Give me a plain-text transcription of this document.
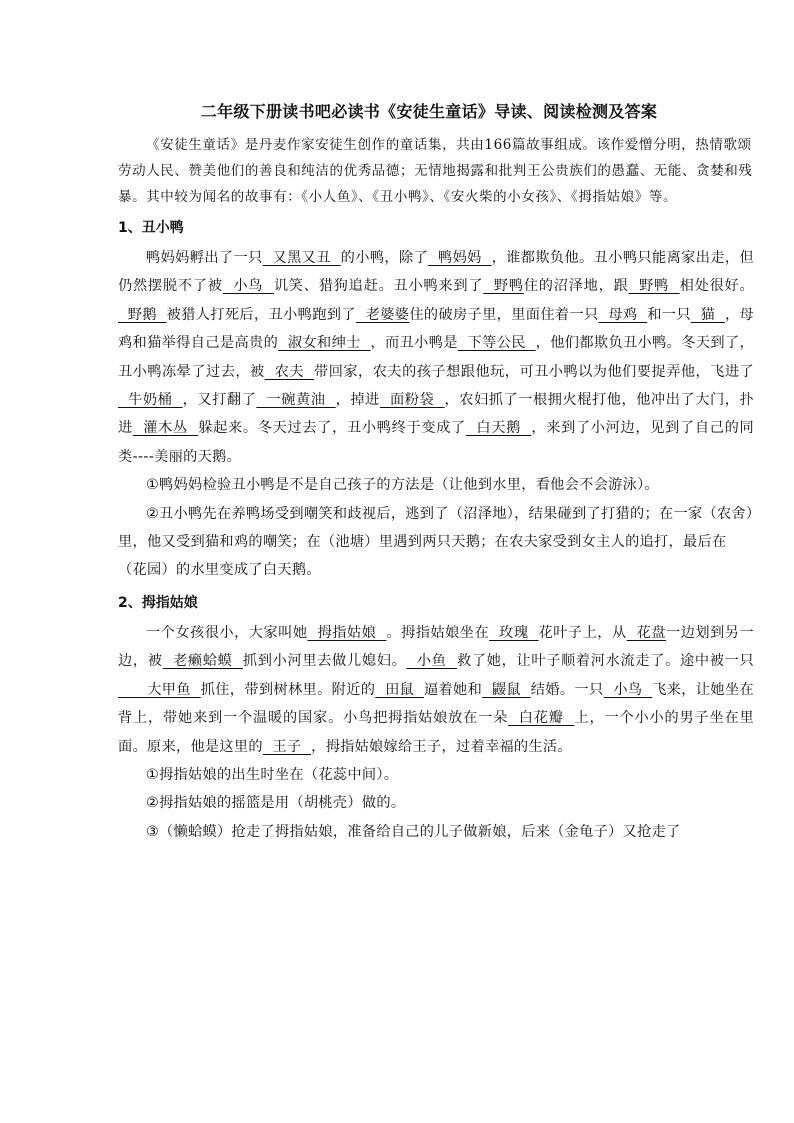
二年级下册读书吧必读书《安徒生童话》导读、阅读检测及答案

《安徒生童话》是丹麦作家安徒生创作的童话集，共由166篇故事组成。该作爱憎分明，热情歌颂劳动人民、赞美他们的善良和纯洁的优秀品德；无情地揭露和批判王公贵族们的愚蠢、无能、贪婪和残暴。其中较为闻名的故事有：《小人鱼》、《丑小鸭》、《安火柴的小女孩》、《拇指姑娘》等。

1、丑小鸭

鸭妈妈孵出了一只  又黑又丑  的小鸭，除了  鸭妈妈  ，谁都欺负他。丑小鸭只能离家出走，但仍然摆脱不了被  小鸟  讥笑、猎狗追赶。丑小鸭来到了  野鸭住的沼泽地，跟  野鸭  相处很好。  野鹅  被猎人打死后，丑小鸭跑到了  老婆婆住的破房子里，里面住着一只  母鸡  和一只  猫  ，母鸡和猫举得自己是高贵的  淑女和绅士  ，而丑小鸭是  下等公民  ，他们都欺负丑小鸭。冬天到了，丑小鸭冻晕了过去，被  农夫  带回家，农夫的孩子想跟他玩，可丑小鸭以为他们要捉弄他，飞进了  牛奶桶  ，又打翻了  一碗黄油  ，掉进  面粉袋  ，农妇抓了一根拥火棍打他，他冲出了大门，扑进  灌木丛  躲起来。冬天过去了，丑小鸭终于变成了  白天鹅  ，来到了小河边，见到了自己的同类----美丽的天鹅。

①鸭妈妈检验丑小鸭是不是自己孩子的方法是（让他到水里，看他会不会游泳）。

②丑小鸭先在养鸭场受到嘲笑和歧视后，逃到了（沼泽地），结果碰到了打猎的；在一家（农舍）里，他又受到猫和鸡的嘲笑；在（池塘）里遇到两只天鹅；在农夫家受到女主人的追打，最后在（花园）的水里变成了白天鹅。

2、拇指姑娘

一个女孩很小，大家叫她  拇指姑娘  。拇指姑娘坐在  玫瑰  花叶子上，从  花盘一边划到另一边，被  老癞蛤蟆  抓到小河里去做儿媳妇。  小鱼  救了她，让叶子顺着河水流走了。途中被一只      大甲鱼  抓住，带到树林里。附近的  田鼠  逼着她和  鼹鼠  结婚。一只  小鸟  飞来，让她坐在背上，带她来到一个温暖的国家。小鸟把拇指姑娘放在一朵  白花瓣  上，一个小小的男子坐在里面。原来，他是这里的  王子  ，拇指姑娘嫁给王子，过着幸福的生活。

①拇指姑娘的出生时坐在（花蕊中间）。

②拇指姑娘的摇篮是用（胡桃壳）做的。

③（懒蛤蟆）抢走了拇指姑娘，准备给自己的儿子做新娘，后来（金龟子）又抢走了
